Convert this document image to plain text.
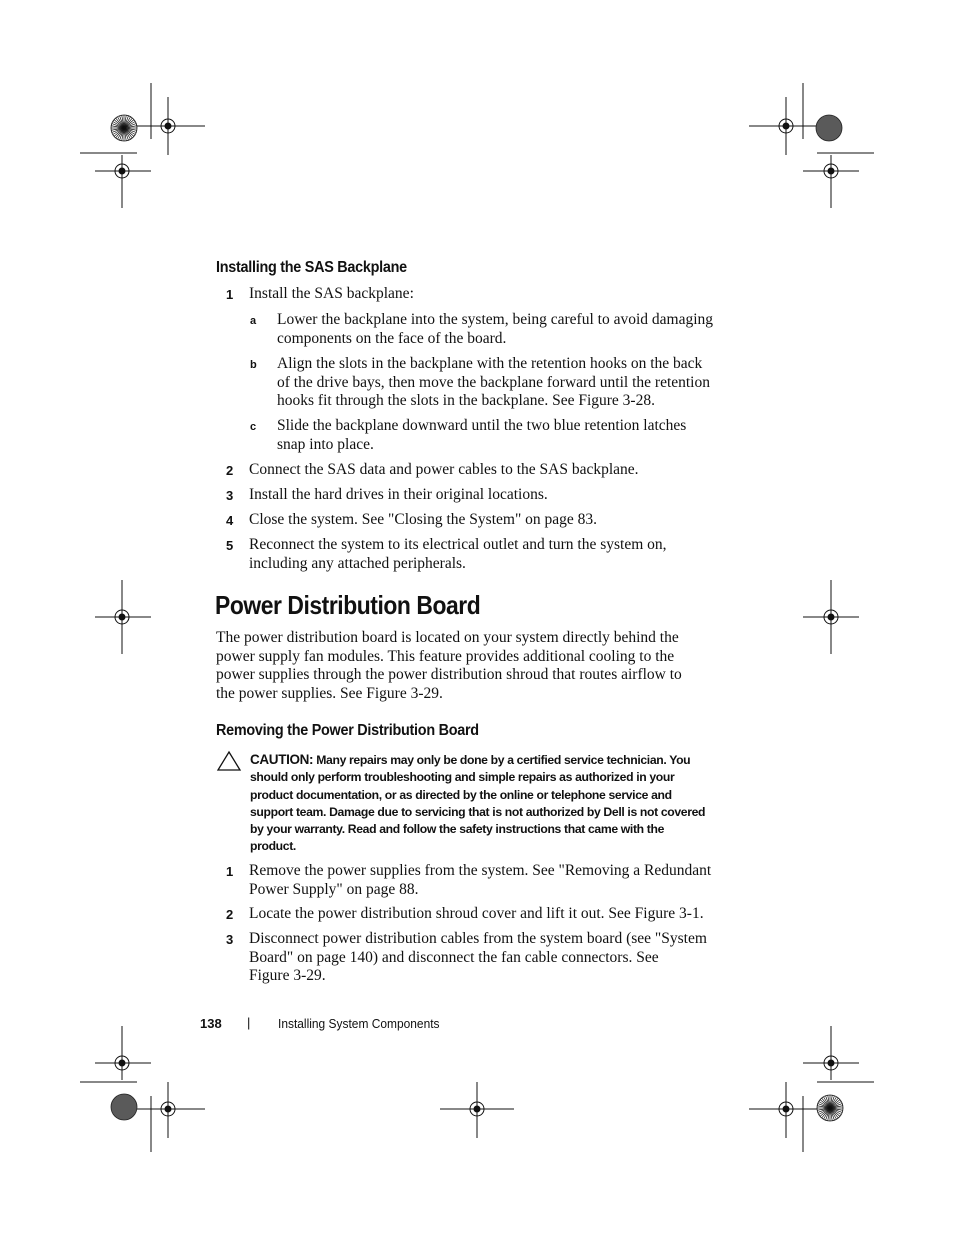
Installing the SAS Backplane
1 Install the SAS backplane:
a Lower the backplane into the system, being careful to avoid damaging
components on the face of the board.
b Align the slots in the backplane with the retention hooks on the back
of the drive bays, then move the backplane forward until the retention
hooks fit through the slots in the backplane. See Figure 3-28.
c Slide the backplane downward until the two blue retention latches
snap into place.
2 Connect the SAS data and power cables to the SAS backplane.
3 Install the hard drives in their original locations.
4 Close the system. See "Closing the System" on page 83.
5 Reconnect the system to its electrical outlet and turn the system on,
including any attached peripherals.
Power Distribution Board
The power distribution board is located on your system directly behind the
power supply fan modules. This feature provides additional cooling to the
power supplies through the power distribution shroud that routes airflow to
the power supplies. See Figure 3-29.
Removing the Power Distribution Board
CAUTION: Many repairs may only be done by a certified service technician. You
should only perform troubleshooting and simple repairs as authorized in your
product documentation, or as directed by the online or telephone service and
support team. Damage due to servicing that is not authorized by Dell is not covered
by your warranty. Read and follow the safety instructions that came with the
product.
1 Remove the power supplies from the system. See "Removing a Redundant
Power Supply" on page 88.
2 Locate the power distribution shroud cover and lift it out. See Figure 3-1.
3 Disconnect power distribution cables from the system board (see "System
Board" on page 140) and disconnect the fan cable connectors. See
Figure 3-29.
138 | Installing System Components
